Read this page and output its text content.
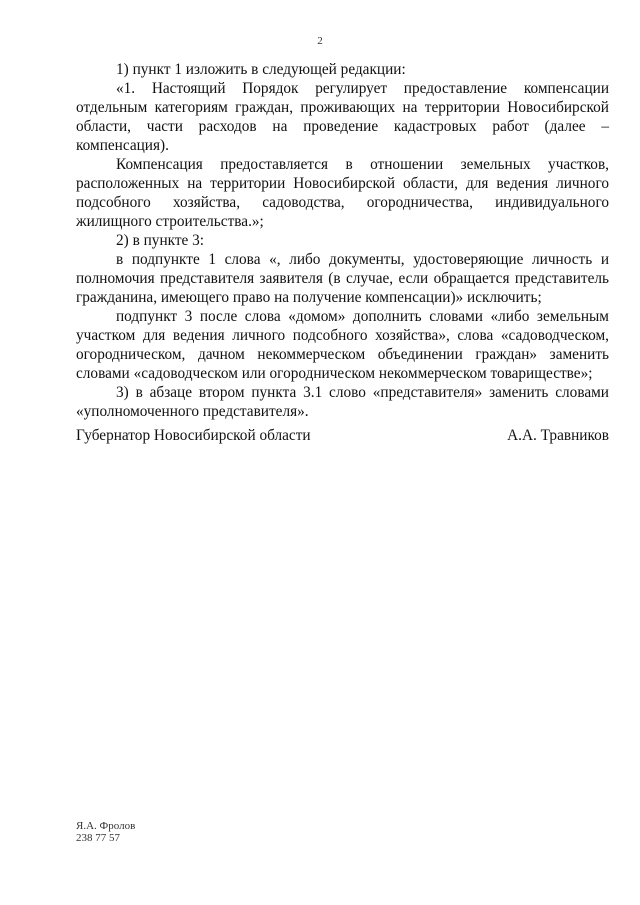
2

1) пункт 1 изложить в следующей редакции:

«1. Настоящий Порядок регулирует предоставление компенсации отдельным категориям граждан, проживающих на территории Новосибирской области, части расходов на проведение кадастровых работ (далее – компенсация).

Компенсация предоставляется в отношении земельных участков, расположенных на территории Новосибирской области, для ведения личного подсобного хозяйства, садоводства, огородничества, индивидуального жилищного строительства.»;

2) в пункте 3:

в подпункте 1 слова «, либо документы, удостоверяющие личность и полномочия представителя заявителя (в случае, если обращается представитель гражданина, имеющего право на получение компенсации)» исключить;

подпункт 3 после слова «домом» дополнить словами «либо земельным участком для ведения личного подсобного хозяйства», слова «садоводческом, огородническом, дачном некоммерческом объединении граждан» заменить словами «садоводческом или огородническом некоммерческом товариществе»;

3) в абзаце втором пункта 3.1 слово «представителя» заменить словами «уполномоченного представителя».

Губернатор Новосибирской области	А.А. Травников
Я.А. Фролов
238 77 57
